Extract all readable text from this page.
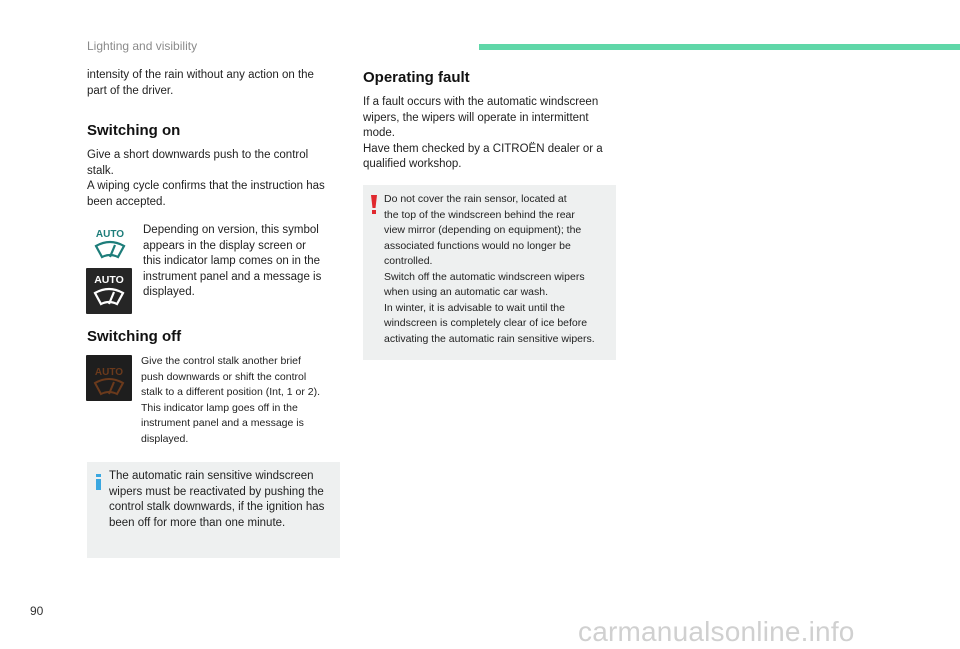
Lighting and visibility
intensity of the rain without any action on the
part of the driver.
Switching on
Give a short downwards push to the control
stalk.
A wiping cycle confirms that the instruction has
been accepted.
AUTO
AUTO
Depending on version, this symbol
appears in the display screen or
this indicator lamp comes on in the
instrument panel and a message is
displayed.
Switching off
AUTO
Give the control stalk another brief
push downwards or shift the control
stalk to a different position (Int, 1 or 2).
This indicator lamp goes off in the
instrument panel and a message is
displayed.
The automatic rain sensitive windscreen
wipers must be reactivated by pushing the
control stalk downwards, if the ignition has
been off for more than one minute.
Operating fault
If a fault occurs with the automatic windscreen
wipers, the wipers will operate in intermittent
mode.
Have them checked by a CITROËN dealer or a
qualified workshop.
Do not cover the rain sensor, located at
the top of the windscreen behind the rear
view mirror (depending on equipment); the
associated functions would no longer be
controlled.
Switch off the automatic windscreen wipers
when using an automatic car wash.
In winter, it is advisable to wait until the
windscreen is completely clear of ice before
activating the automatic rain sensitive wipers.
90
carmanualsonline.info
